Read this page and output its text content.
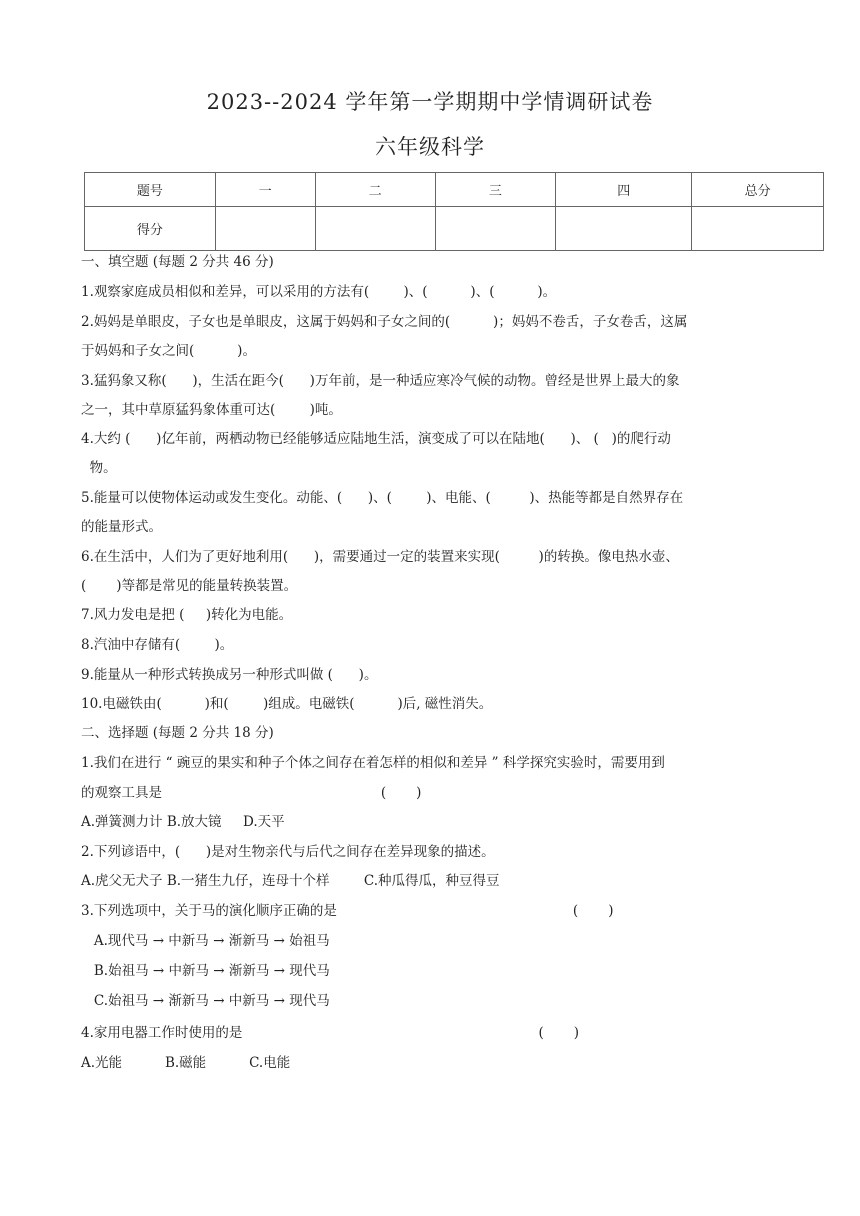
2023--2024 学年第一学期期中学情调研试卷
六年级科学
题号	一	二	三	四	总分
得分					
一、填空题 (每题 2 分共 46 分)
1.观察家庭成员相似和差异，可以采用的方法有(        )、(          )、(          )。
2.妈妈是单眼皮，子女也是单眼皮，这属于妈妈和子女之间的(          )；妈妈不卷舌，子女卷舌，这属
于妈妈和子女之间(          )。
3.猛犸象又称(      )，生活在距今(      )万年前，是一种适应寒冷气候的动物。曾经是世界上最大的象
之一，其中草原猛犸象体重可达(        )吨。
4.大约 (      )亿年前，两栖动物已经能够适应陆地生活，演变成了可以在陆地(      )、 (   )的爬行动
物。
5.能量可以使物体运动或发生变化。动能、(      )、(        )、电能、(         )、热能等都是自然界存在
的能量形式。
6.在生活中，人们为了更好地利用(      )，需要通过一定的装置来实现(         )的转换。像电热水壶、
(       )等都是常见的能量转换装置。
7.风力发电是把 (     )转化为电能。
8.汽油中存储有(        )。
9.能量从一种形式转换成另一种形式叫做 (      )。
10.电磁铁由(          )和(        )组成。电磁铁(          )后, 磁性消失。
二、选择题 (每题 2 分共 18 分)
1.我们在进行 “ 豌豆的果实和种子个体之间存在着怎样的相似和差异 ” 科学探究实验时，需要用到
的观察工具是                                                   (       )
A.弹簧测力计 B.放大镜     D.天平
2.下列谚语中，(      )是对生物亲代与后代之间存在差异现象的描述。
A.虎父无犬子 B.一猪生九仔，连母十个样        C.种瓜得瓜，种豆得豆
3.下列选项中，关于马的演化顺序正确的是                                                       (       )
A.现代马 → 中新马 → 渐新马 → 始祖马
B.始祖马 → 中新马 → 渐新马 → 现代马
C.始祖马 → 渐新马 → 中新马 → 现代马
4.家用电器工作时使用的是                                                                     (       )
A.光能          B.磁能          C.电能
